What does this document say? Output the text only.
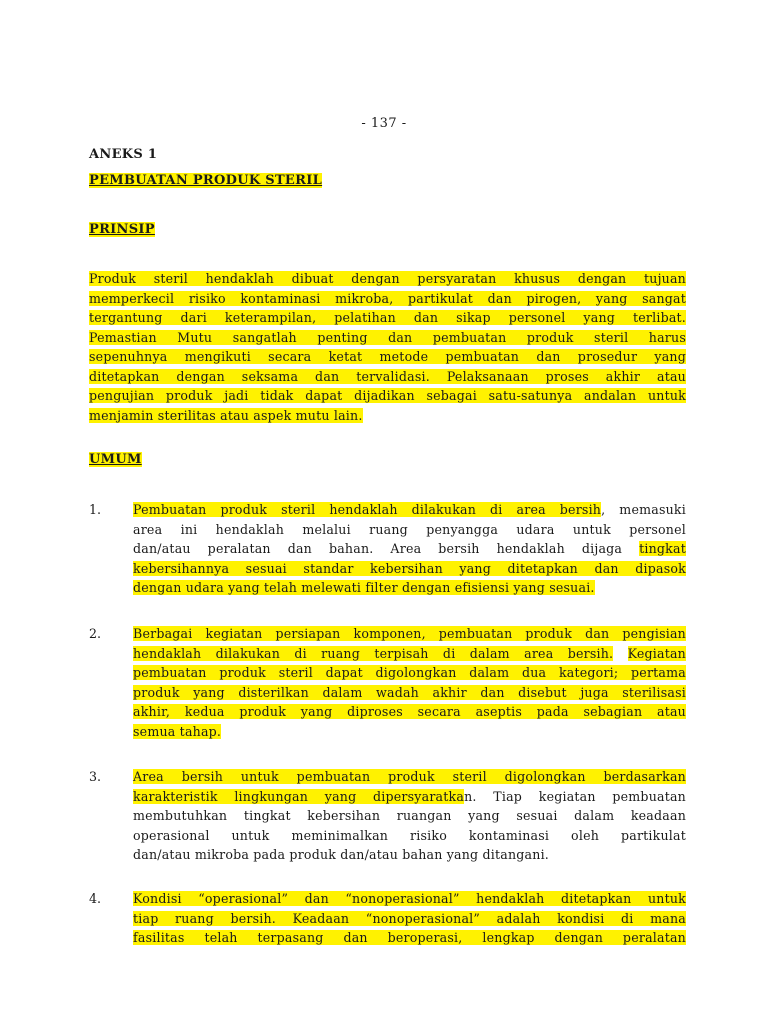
- 137 -
ANEKS 1
PEMBUATAN PRODUK STERIL
PRINSIP
Produk steril hendaklah dibuat dengan persyaratan khusus dengan tujuan
memperkecil risiko kontaminasi mikroba, partikulat dan pirogen, yang sangat
tergantung dari keterampilan, pelatihan dan sikap personel yang terlibat.
Pemastian Mutu sangatlah penting dan pembuatan produk steril harus
sepenuhnya mengikuti secara ketat metode pembuatan dan prosedur yang
ditetapkan dengan seksama dan tervalidasi. Pelaksanaan proses akhir atau
pengujian produk jadi tidak dapat dijadikan sebagai satu-satunya andalan untuk
menjamin sterilitas atau aspek mutu lain.
UMUM
1.	Pembuatan produk steril hendaklah dilakukan di area bersih, memasuki
area ini hendaklah melalui ruang penyangga udara untuk personel
dan/atau peralatan dan bahan. Area bersih hendaklah dijaga tingkat
kebersihannya sesuai standar kebersihan yang ditetapkan dan dipasok
dengan udara yang telah melewati filter dengan efisiensi yang sesuai.
2.	Berbagai kegiatan persiapan komponen, pembuatan produk dan pengisian
hendaklah dilakukan di ruang terpisah di dalam area bersih. Kegiatan
pembuatan produk steril dapat digolongkan dalam dua kategori; pertama
produk yang disterilkan dalam wadah akhir dan disebut juga sterilisasi
akhir, kedua produk yang diproses secara aseptis pada sebagian atau
semua tahap.
3.	Area bersih untuk pembuatan produk steril digolongkan berdasarkan
karakteristik lingkungan yang dipersyaratkan. Tiap kegiatan pembuatan
membutuhkan tingkat kebersihan ruangan yang sesuai dalam keadaan
operasional untuk meminimalkan risiko kontaminasi oleh partikulat
dan/atau mikroba pada produk dan/atau bahan yang ditangani.
4.	Kondisi “operasional” dan “nonoperasional” hendaklah ditetapkan untuk
tiap ruang bersih. Keadaan “nonoperasional” adalah kondisi di mana
fasilitas telah terpasang dan beroperasi, lengkap dengan peralatan
